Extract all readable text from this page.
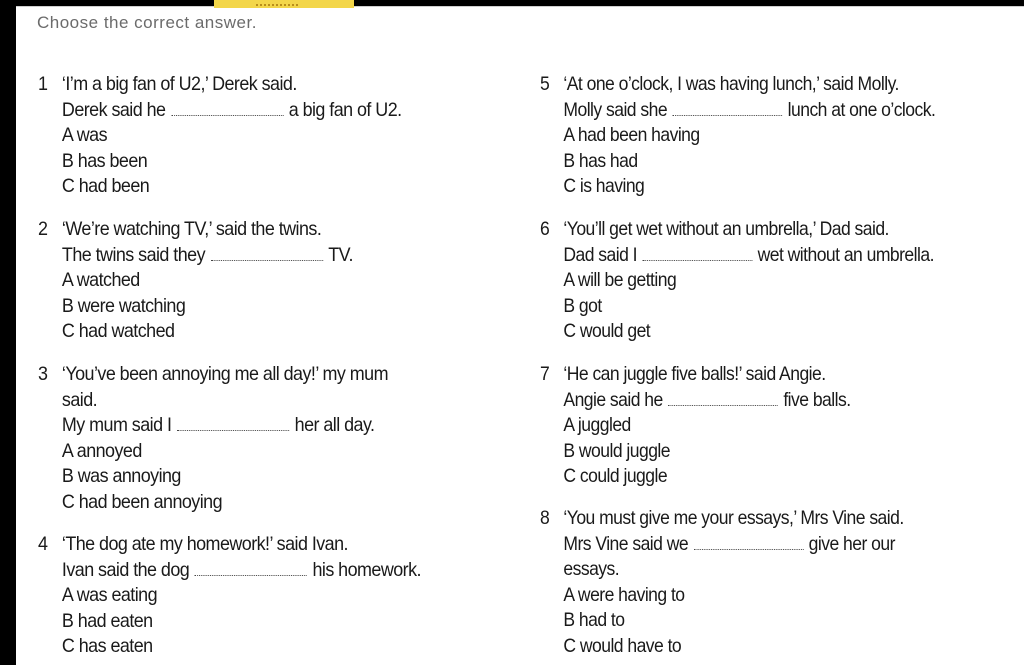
Choose the correct answer.
1 ‘I’m a big fan of U2,’ Derek said.
Derek said he	a big fan of U2.
A was
B has been
C had been
2 ‘We’re watching TV,’ said the twins.
The twins said they	TV.
A watched
B were watching
C had watched
3 ‘You’ve been annoying me all day!’ my mum
said.
My mum said I	her all day.
A annoyed
B was annoying
C had been annoying
4 ‘The dog ate my homework!’ said Ivan.
Ivan said the dog	his homework.
A was eating
B had eaten
C has eaten
5 ‘At one o’clock, I was having lunch,’ said Molly.
Molly said she	lunch at one o’clock.
A had been having
B has had
C is having
6 ‘You’ll get wet without an umbrella,’ Dad said.
Dad said I	wet without an umbrella.
A will be getting
B got
C would get
7 ‘He can juggle five balls!’ said Angie.
Angie said he	five balls.
A juggled
B would juggle
C could juggle
8 ‘You must give me your essays,’ Mrs Vine said.
Mrs Vine said we	give her our
essays.
A were having to
B had to
C would have to
